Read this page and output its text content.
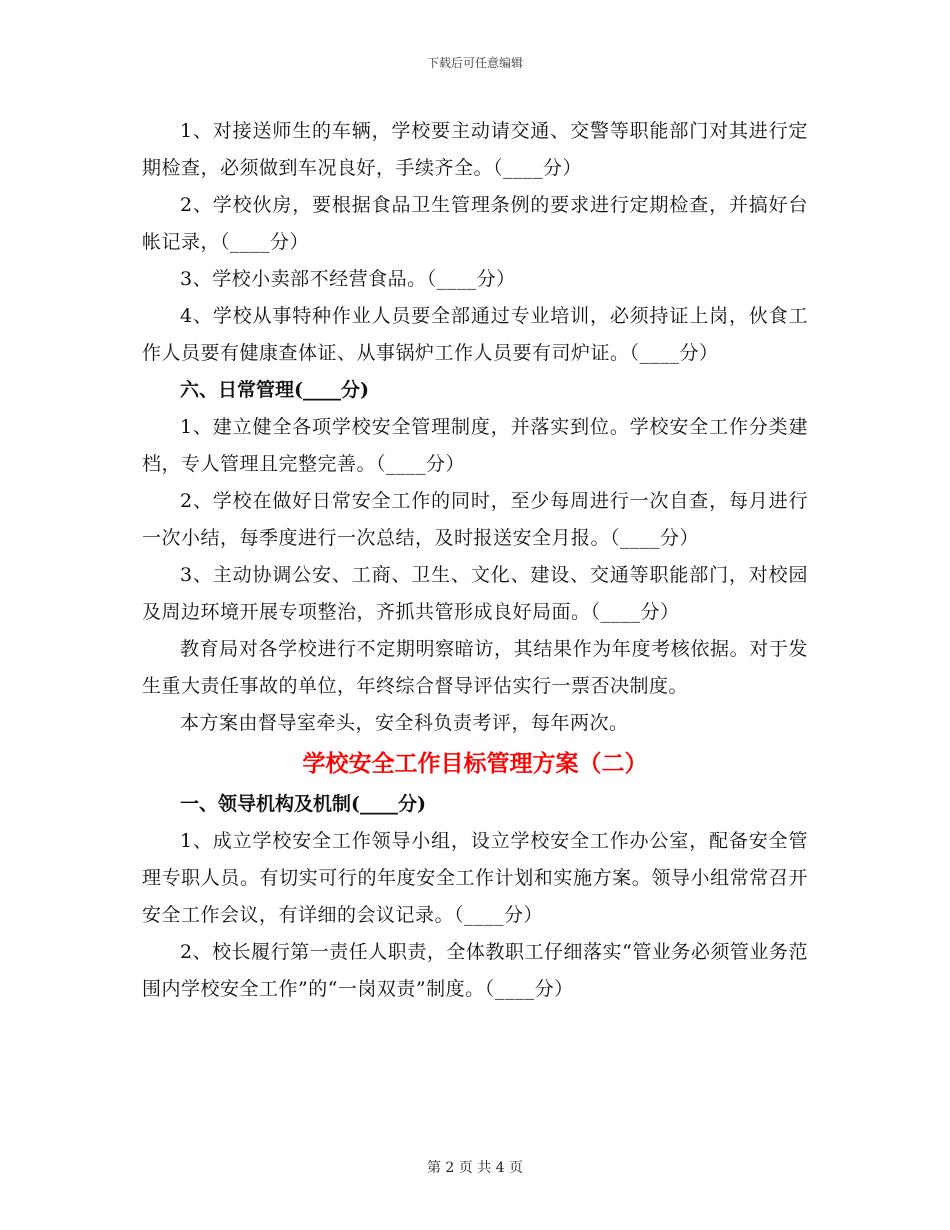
下载后可任意编辑

1、对接送师生的车辆，学校要主动请交通、交警等职能部门对其进行定期检查，必须做到车况良好，手续齐全。（____分）

2、学校伙房，要根据食品卫生管理条例的要求进行定期检查，并搞好台帐记录，（____分）

3、学校小卖部不经营食品。（____分）

4、学校从事特种作业人员要全部通过专业培训，必须持证上岗，伙食工作人员要有健康查体证、从事锅炉工作人员要有司炉证。（____分）

六、日常管理(____分)

1、建立健全各项学校安全管理制度，并落实到位。学校安全工作分类建档，专人管理且完整完善。（____分）

2、学校在做好日常安全工作的同时，至少每周进行一次自查，每月进行一次小结，每季度进行一次总结，及时报送安全月报。（____分）

3、主动协调公安、工商、卫生、文化、建设、交通等职能部门，对校园及周边环境开展专项整治，齐抓共管形成良好局面。（____分）

教育局对各学校进行不定期明察暗访，其结果作为年度考核依据。对于发生重大责任事故的单位，年终综合督导评估实行一票否决制度。

本方案由督导室牵头，安全科负责考评，每年两次。

学校安全工作目标管理方案（二）

一、领导机构及机制(____分)

1、成立学校安全工作领导小组，设立学校安全工作办公室，配备安全管理专职人员。有切实可行的年度安全工作计划和实施方案。领导小组常常召开安全工作会议，有详细的会议记录。（____分）

2、校长履行第一责任人职责，全体教职工仔细落实“管业务必须管业务范围内学校安全工作”的“一岗双责”制度。（____分）

第 2 页 共 4 页
